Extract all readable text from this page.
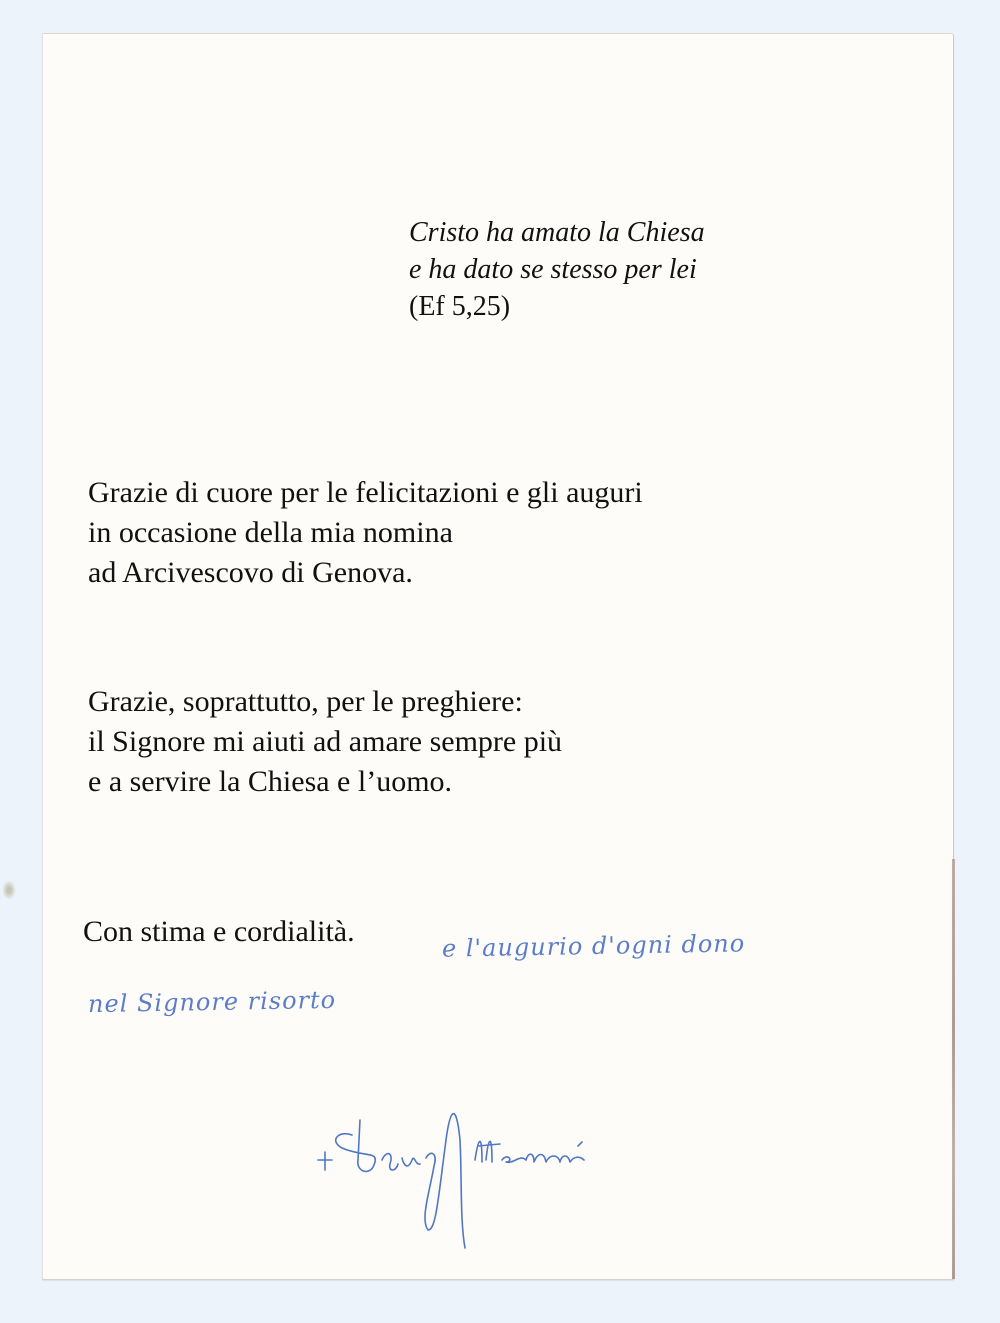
Cristo ha amato la Chiesa
e ha dato se stesso per lei
(Ef 5,25)
Grazie di cuore per le felicitazioni e gli auguri
in occasione della mia nomina
ad Arcivescovo di Genova.
Grazie, soprattutto, per le preghiere:
il Signore mi aiuti ad amare sempre più
e a servire la Chiesa e l’uomo.
Con stima e cordialità.	e l'augurio d'ogni dono
nel Signore risorto
